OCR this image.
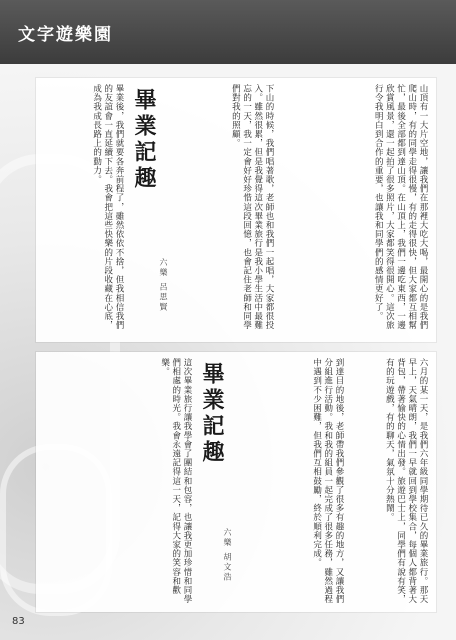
文字遊樂園
山頂有一大片空地，讓我們在那裡大吃大喝，最開心的是我們爬山時，有的同學走得很慢，有的走得很快，但大家都互相幫忙，最後全部都到達山頂。在山頂上，我們一邊吃東西，一邊欣賞風景，還一起拍了很多照片，大家都笑得很開心。這次旅行令我明白到合作的重要，也讓我和同學們的感情更好了。
下山的時候，我們唱著歌，老師也和我們一起唱，大家都很投入。雖然很累，但是我覺得這次畢業旅行是我小學生活中最難忘的一天，我一定會好好珍惜這段回憶，也會記住老師和同學們對我的照顧。
六樂 呂思賢
畢業記趣
畢業後，我們就要各奔前程了，雖然依依不捨，但我相信我們的友誼會一直延續下去。我會把這些快樂的片段收藏在心底，成為我成長路上的動力。
六月的某一天，是我們六年級同學期待已久的畢業旅行。那天早上，天氣晴朗，我們一早就回到學校集合，每個人都背著大背包，帶著愉快的心情出發。旅遊巴士上，同學們有說有笑，有的玩遊戲，有的聊天，氣氛十分熱鬧。
到達目的地後，老師帶我們參觀了很多有趣的地方，又讓我們分組進行活動。我和我的組員一起完成了很多任務，雖然過程中遇到不少困難，但我們互相鼓勵，終於順利完成。
六樂 胡文浩
畢業記趣
這次畢業旅行讓我學會了團結和包容，也讓我更加珍惜和同學們相處的時光。我會永遠記得這一天，記得大家的笑容和歡樂。
83
